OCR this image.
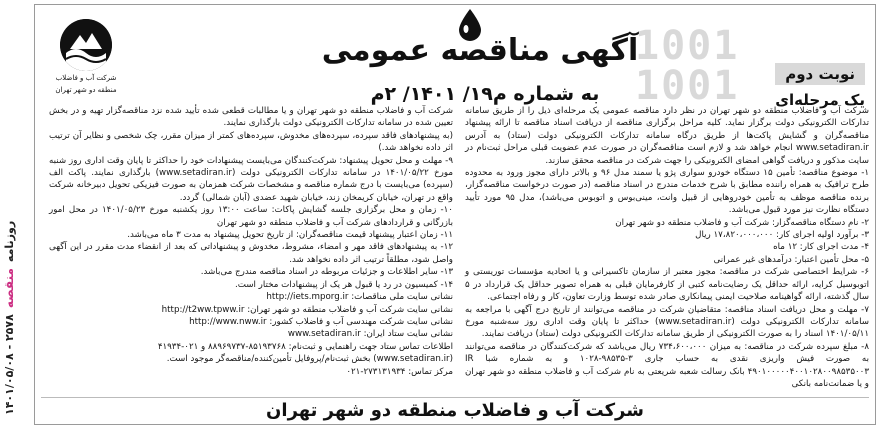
۱۴۰۱/۰۵/۰۸ - ۲۵۷۸
منقصه
روزنامه
1001
1001
شرکت آب و فاضلاب
منطقه دو شهر تهران
آگهی مناقصه عمومی
به شماره م۱۹/ ۱۴۰۱/ ۲م
نوبت دوم
یک مرحله‌ای

شرکت آب و فاضلاب منطقه دو شهر تهران در نظر دارد مناقصه عمومی یک مرحله‌ای ذیل را از طریق سامانه تدارکات الکترونیکی دولت برگزار نماید. کلیه مراحل برگزاری مناقصه از دریافت اسناد مناقصه تا ارائه پیشنهاد مناقصه‌گران و گشایش پاکت‌ها از طریق درگاه سامانه تدارکات الکترونیکی دولت (ستاد) به آدرس www.setadiran.ir انجام خواهد شد و لازم است مناقصه‌گران در صورت عدم عضویت قبلی مراحل ثبت‌نام در سایت مذکور و دریافت گواهی امضای الکترونیکی را جهت شرکت در مناقصه محقق سازند.

۱- موضوع مناقصه: تأمین ۱۵ دستگاه خودرو سواری پژو یا سمند مدل ۹۶ و بالاتر دارای مجوز ورود به محدوده طرح ترافیک به همراه راننده مطابق با شرح خدمات مندرج در اسناد مناقصه (در صورت درخواست مناقصه‌گزار، برنده مناقصه موظف به تأمین خودروهایی از قبیل وانت، مینی‌بوس و اتوبوس می‌باشد)، مدل ۹۵ مورد تأیید دستگاه نظارت نیز مورد قبول می‌باشد.

۲- نام دستگاه مناقصه‌گزار: شرکت آب و فاضلاب منطقه دو شهر تهران

۳- برآورد اولیه اجرای کار: ۱۷،۸۲۰،۰۰۰،۰۰۰ ریال

۴- مدت اجرای کار: ۱۲ ماه

۵- محل تأمین اعتبار: درآمدهای غیر عمرانی

۶- شرایط اختصاصی شرکت در مناقصه: مجوز معتبر از سازمان تاکسیرانی و یا اتحادیه مؤسسات توریستی و اتوبوسیل کرایه، ارائه حداقل یک رضایت‌نامه کتبی از کارفرمایان قبلی به همراه تصویر حداقل یک قرارداد در ۵ سال گذشته، ارائه گواهینامه صلاحیت ایمنی پیمانکاری صادر شده توسط وزارت تعاون، کار و رفاه اجتماعی.

۷- مهلت و محل دریافت اسناد مناقصه: متقاضیان شرکت در مناقصه می‌توانند از تاریخ درج آگهی با مراجعه به سامانه تدارکات الکترونیکی دولت (www.setadiran.ir) حداکثر تا پایان وقت اداری روز سه‌شنبه مورخ ۱۴۰۱/۰۵/۱۱ اسناد را به صورت الکترونیکی از طریق سامانه تدارکات الکترونیکی دولت (ستاد) دریافت نمایند.

۸- مبلغ سپرده شرکت در مناقصه: به میزان ۷۳۴،۶۰۰،۰۰۰ ریال می‌باشد که شرکت‌کنندگان در مناقصه می‌توانند به صورت فیش واریزی نقدی به حساب جاری ۳-۹۸۵۳۵-۱۰۲۸ و به شماره شبا IR ۴۹۰۱۰۰۰۰۰۴۰۰۱۰۲۸۰۰۹۸۵۳۵۰۰۳ بانک رسالت شعبه شریعتی به نام شرکت آب و فاضلاب منطقه دو شهر تهران و یا ضمانت‌نامه بانکی

شرکت آب و فاضلاب منطقه دو شهر تهران و یا مطالبات قطعی شده تأیید شده نزد مناقصه‌گزار تهیه و در بخش تعیین شده در سامانه تدارکات الکترونیکی دولت بارگذاری نمایند.

(به پیشنهادهای فاقد سپرده، سپرده‌های مخدوش، سپرده‌های کمتر از میزان مقرر، چک شخصی و نظایر آن ترتیب اثر داده نخواهد شد.)

۹- مهلت و محل تحویل پیشنهاد: شرکت‌کنندگان می‌بایست پیشنهادات خود را حداکثر تا پایان وقت اداری روز شنبه مورخ ۱۴۰۱/۰۵/۲۲ در سامانه تدارکات الکترونیکی دولت (www.setadiran.ir) بارگذاری نمایند. پاکت الف (سپرده) می‌بایست با درج شماره مناقصه و مشخصات شرکت همزمان به صورت فیزیکی تحویل دبیرخانه شرکت واقع در تهران، خیابان کریمخان زند، خیابان شهید عضدی (آبان شمالی) گردد.

۱۰- زمان و محل برگزاری جلسه گشایش پاکات: ساعت ۱۳:۰۰ روز یکشنبه مورخ ۱۴۰۱/۰۵/۲۳ در محل امور بازرگانی و قراردادهای شرکت آب و فاضلاب منطقه دو شهر تهران

۱۱- زمان اعتبار پیشنهاد قیمت مناقصه‌گران: از تاریخ تحویل پیشنهاد به مدت ۳ ماه می‌باشد.

۱۲- به پیشنهادهای فاقد مهر و امضاء، مشروط، مخدوش و پیشنهاداتی که بعد از انقضاء مدت مقرر در این آگهی واصل شود، مطلقاً ترتیب اثر داده نخواهد شد.

۱۳- سایر اطلاعات و جزئیات مربوطه در اسناد مناقصه مندرج می‌باشد.

۱۴- کمیسیون در رد یا قبول هر یک از پیشنهادات مختار است.

نشانی سایت ملی مناقصات: http://iets.mporg.ir

نشانی سایت شرکت آب و فاضلاب منطقه دو شهر تهران: http://t2ww.tpww.ir

نشانی سایت شرکت مهندسی آب و فاضلاب کشور: http://www.nww.ir

نشانی سایت ستاد ایران: www.setadiran.ir

اطلاعات تماس ستاد جهت راهنمایی و ثبت‌نام: ۸۵۱۹۳۷۶۸-۸۸۹۶۹۷۳۷ و ۰۲۱-۴۱۹۳۴

(www.setadiran.ir) بخش ثبت‌نام/پروفایل تأمین‌کننده/مناقصه‌گر موجود است.

مرکز تماس: ۲۷۳۱۳۱۹۳۴-۰۲۱

شرکت آب و فاضلاب منطقه دو شهر تهران
